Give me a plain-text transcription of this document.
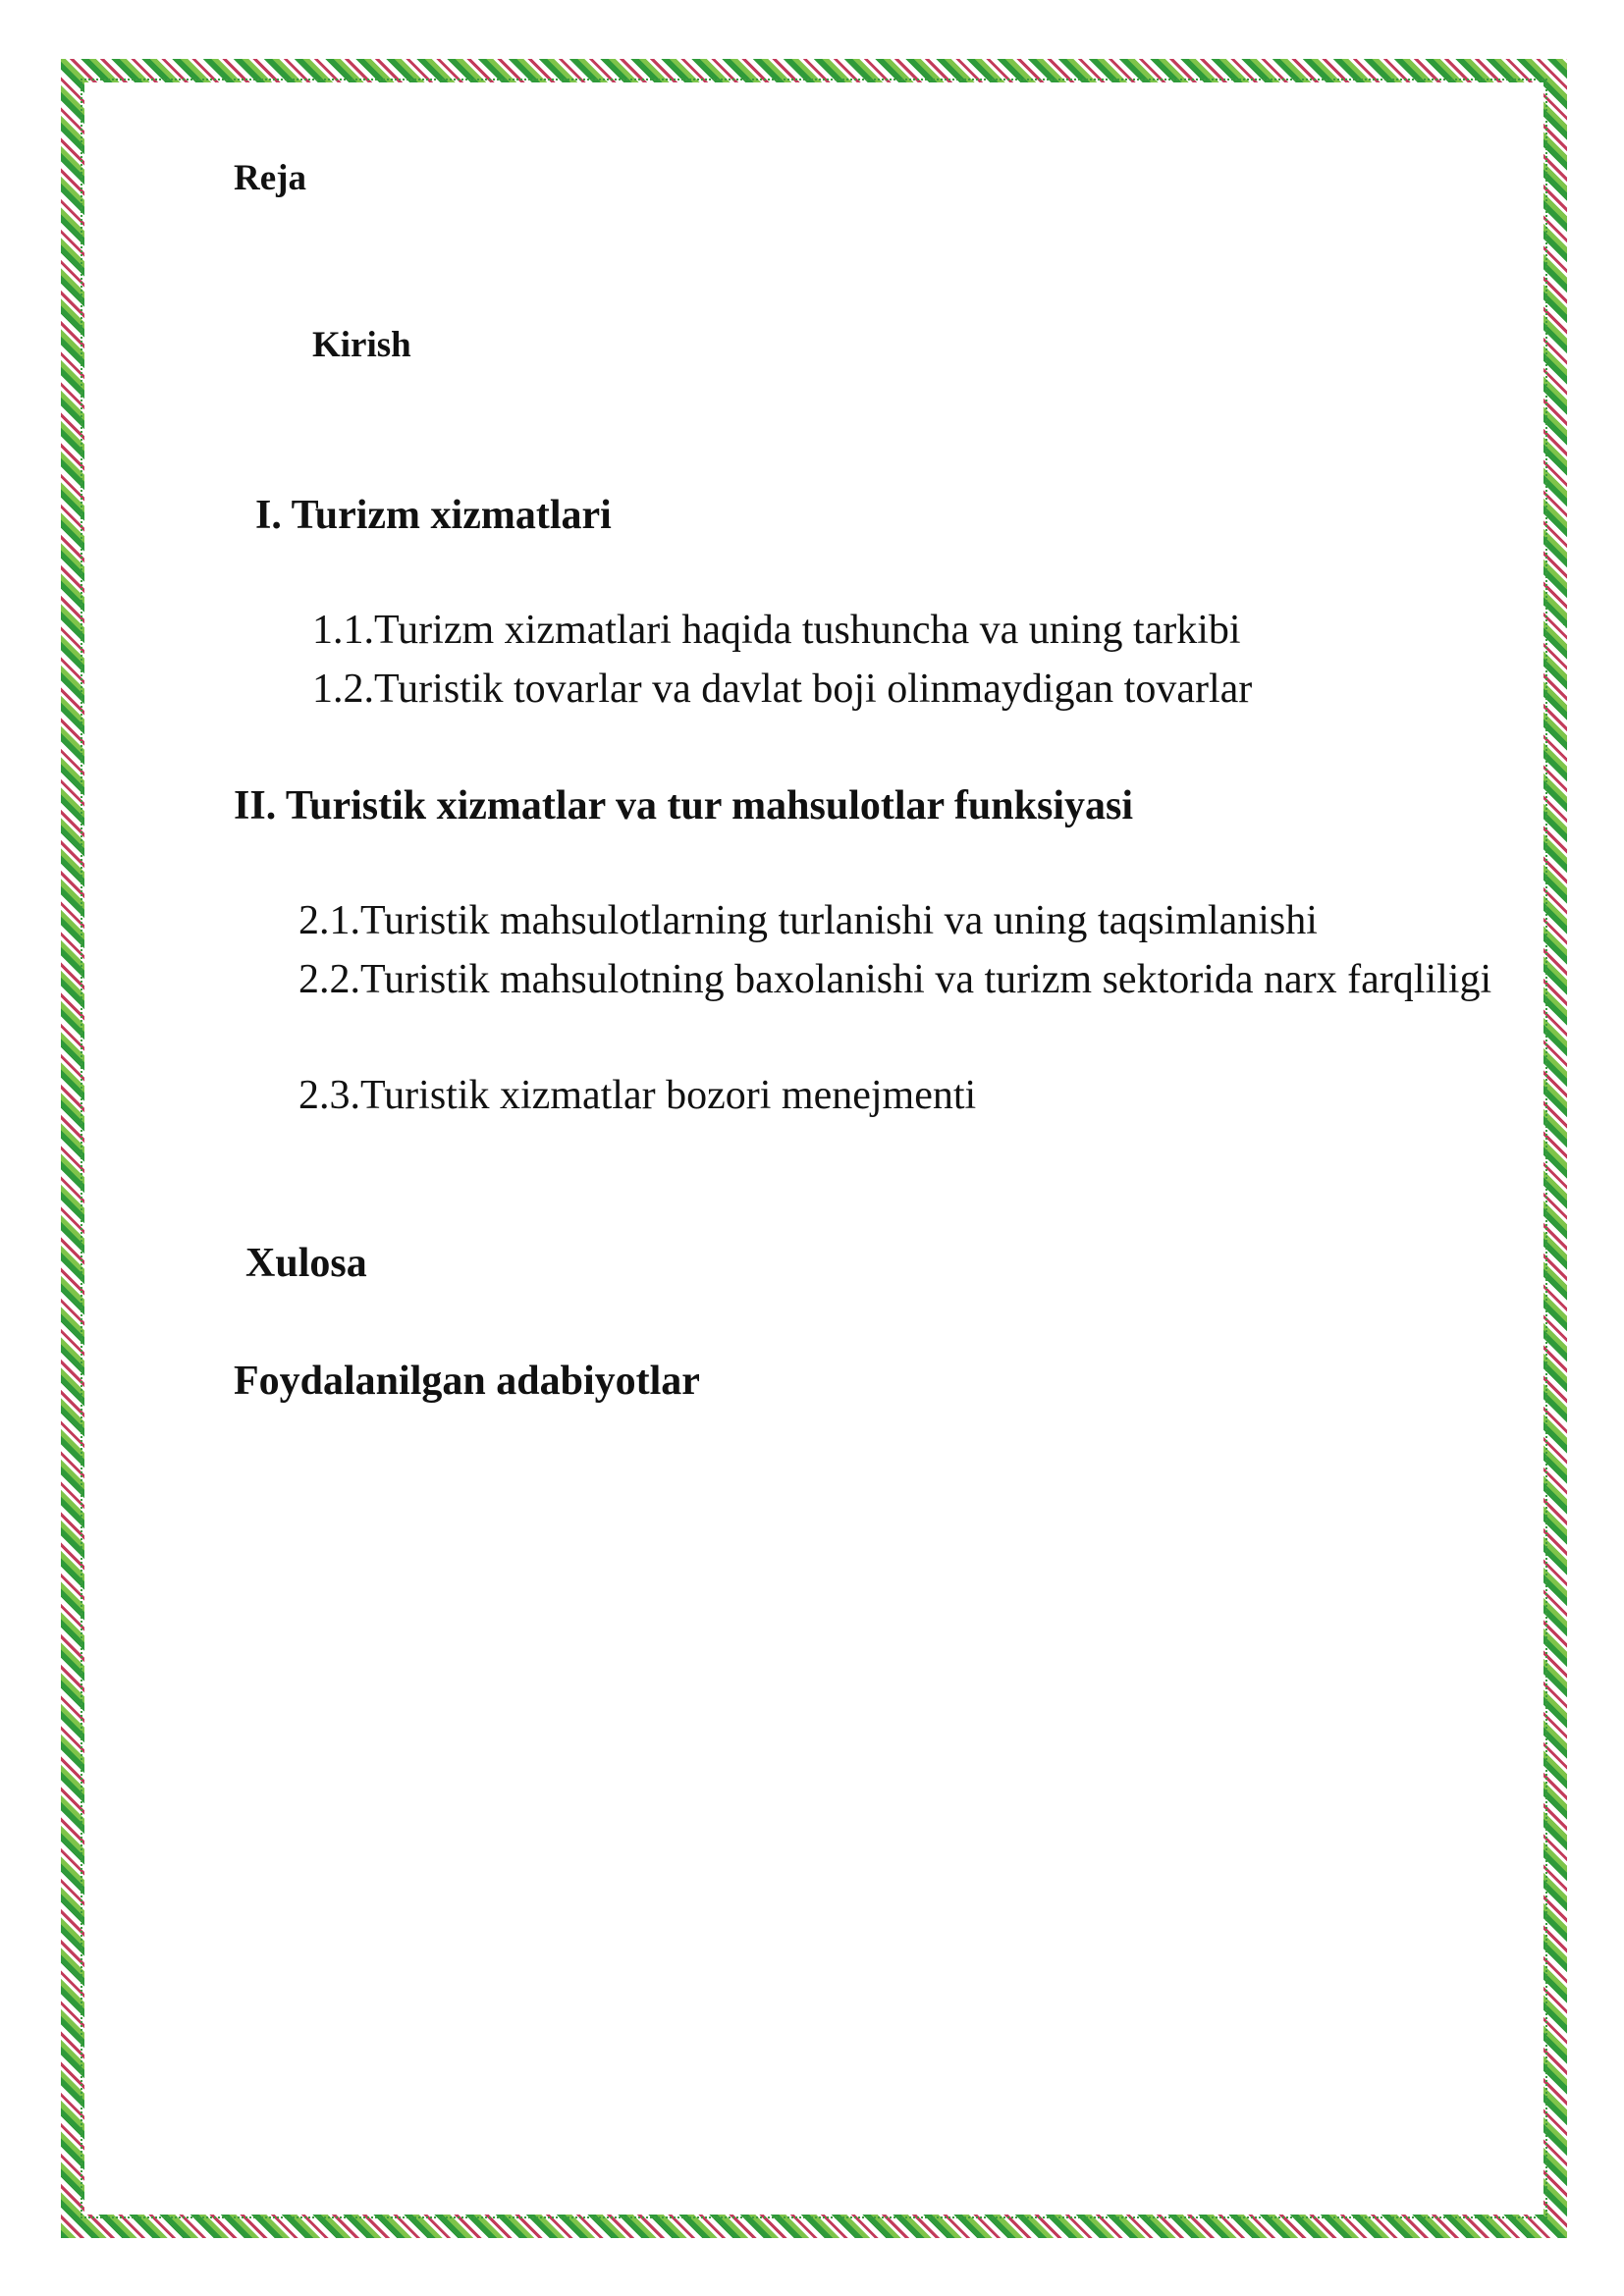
Reja
Kirish
I. Turizm xizmatlari
1.1.Turizm xizmatlari haqida tushuncha va uning tarkibi
1.2.Turistik tovarlar va davlat boji olinmaydigan tovarlar
II. Turistik xizmatlar va tur mahsulotlar funksiyasi
2.1.Turistik mahsulotlarning turlanishi va uning taqsimlanishi

2.2.Turistik mahsulotning baxolanishi va turizm sektorida narx farqliligi

2.3.Turistik xizmatlar bozori menejmenti
Xulosa
Foydalanilgan adabiyotlar
